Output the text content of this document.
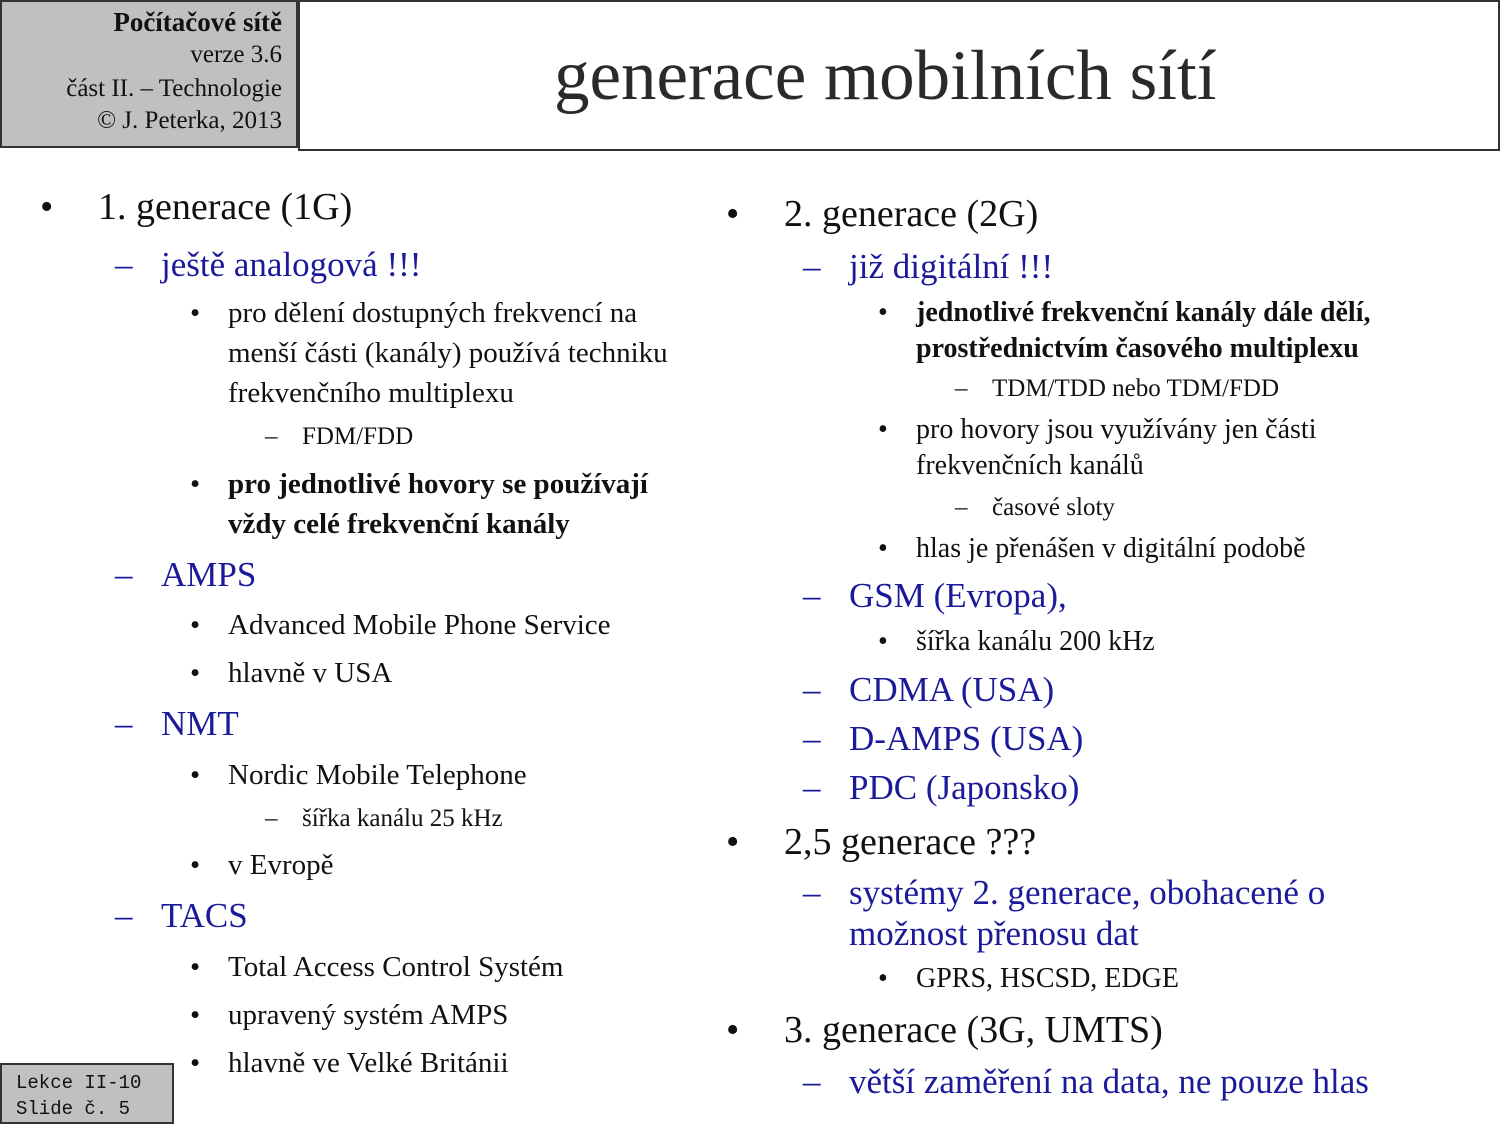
Počítačové sítě
verze 3.6
část II. – Technologie
© J. Peterka, 2013
generace mobilních sítí
• 1. generace (1G)
– ještě analogová !!!
• pro dělení dostupných frekvencí na
menší části (kanály) používá techniku
frekvenčního multiplexu
– FDM/FDD
• pro jednotlivé hovory se používají
vždy celé frekvenční kanály
– AMPS
• Advanced Mobile Phone Service
• hlavně v USA
– NMT
• Nordic Mobile Telephone
– šířka kanálu 25 kHz
• v Evropě
– TACS
• Total Access Control Systém
• upravený systém AMPS
• hlavně ve Velké Británii
• 2. generace (2G)
– již digitální !!!
• jednotlivé frekvenční kanály dále dělí,
prostřednictvím časového multiplexu
– TDM/TDD nebo TDM/FDD
• pro hovory jsou využívány jen části
frekvenčních kanálů
– časové sloty
• hlas je přenášen v digitální podobě
– GSM (Evropa),
• šířka kanálu 200 kHz
– CDMA (USA)
– D-AMPS (USA)
– PDC (Japonsko)
• 2,5 generace ???
– systémy 2. generace, obohacené o
možnost přenosu dat
• GPRS, HSCSD, EDGE
• 3. generace (3G, UMTS)
– větší zaměření na data, ne pouze hlas
Lekce II-10
Slide č. 5
